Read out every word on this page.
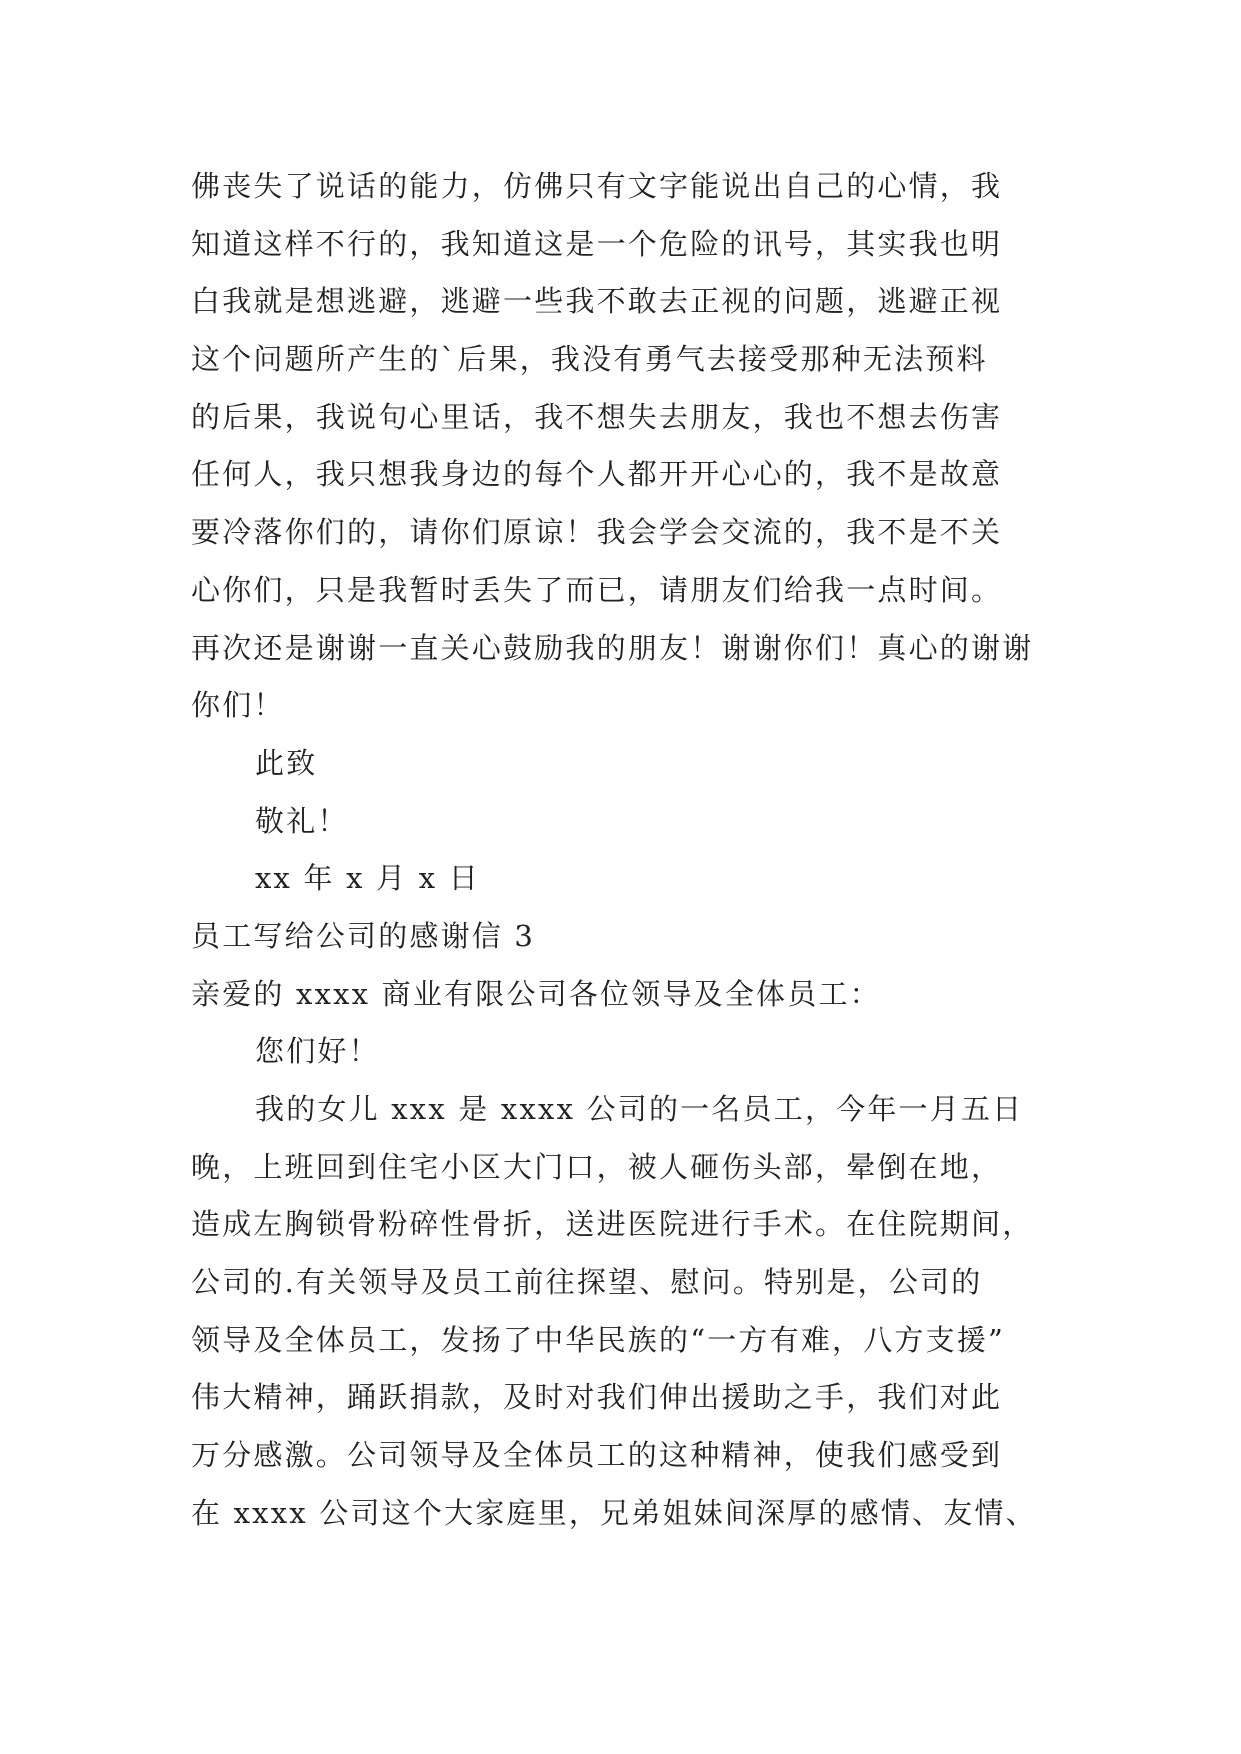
佛丧失了说话的能力，仿佛只有文字能说出自己的心情，我
知道这样不行的，我知道这是一个危险的讯号，其实我也明
白我就是想逃避，逃避一些我不敢去正视的问题，逃避正视
这个问题所产生的`后果，我没有勇气去接受那种无法预料
的后果，我说句心里话，我不想失去朋友，我也不想去伤害
任何人，我只想我身边的每个人都开开心心的，我不是故意
要冷落你们的，请你们原谅！我会学会交流的，我不是不关
心你们，只是我暂时丢失了而已，请朋友们给我一点时间。
再次还是谢谢一直关心鼓励我的朋友！谢谢你们！真心的谢谢
你们！
此致
敬礼！
xx 年 x 月 x 日
员工写给公司的感谢信 3
亲爱的 xxxx 商业有限公司各位领导及全体员工：
您们好！
我的女儿 xxx 是 xxxx 公司的一名员工，今年一月五日
晚，上班回到住宅小区大门口，被人砸伤头部，晕倒在地，
造成左胸锁骨粉碎性骨折，送进医院进行手术。在住院期间，
公司的.有关领导及员工前往探望、慰问。特别是，公司的
领导及全体员工，发扬了中华民族的“一方有难，八方支援”
伟大精神，踊跃捐款，及时对我们伸出援助之手，我们对此
万分感激。公司领导及全体员工的这种精神，使我们感受到
在 xxxx 公司这个大家庭里，兄弟姐妹间深厚的感情、友情、
